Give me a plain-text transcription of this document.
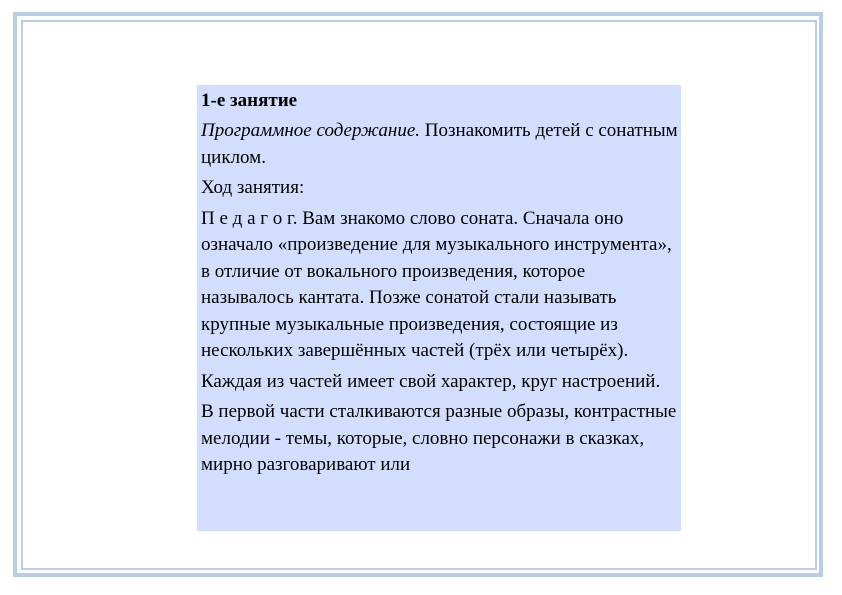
1-е занятие

Программное содержание. Познакомить детей с сонатным циклом.

Ход занятия:

П е д а г о г. Вам знакомо слово соната. Сначала оно означало «произведение для музыкального инструмента», в отличие от вокального произведения, которое называлось кантата. Позже сонатой стали называть крупные музыкальные произведения, состоящие из нескольких завершённых частей (трёх или четырёх).

Каждая из частей имеет свой характер, круг настроений.

В первой части сталкиваются разные образы, контрастные мелодии - темы, которые, словно персонажи в сказках, мирно разговаривают или
